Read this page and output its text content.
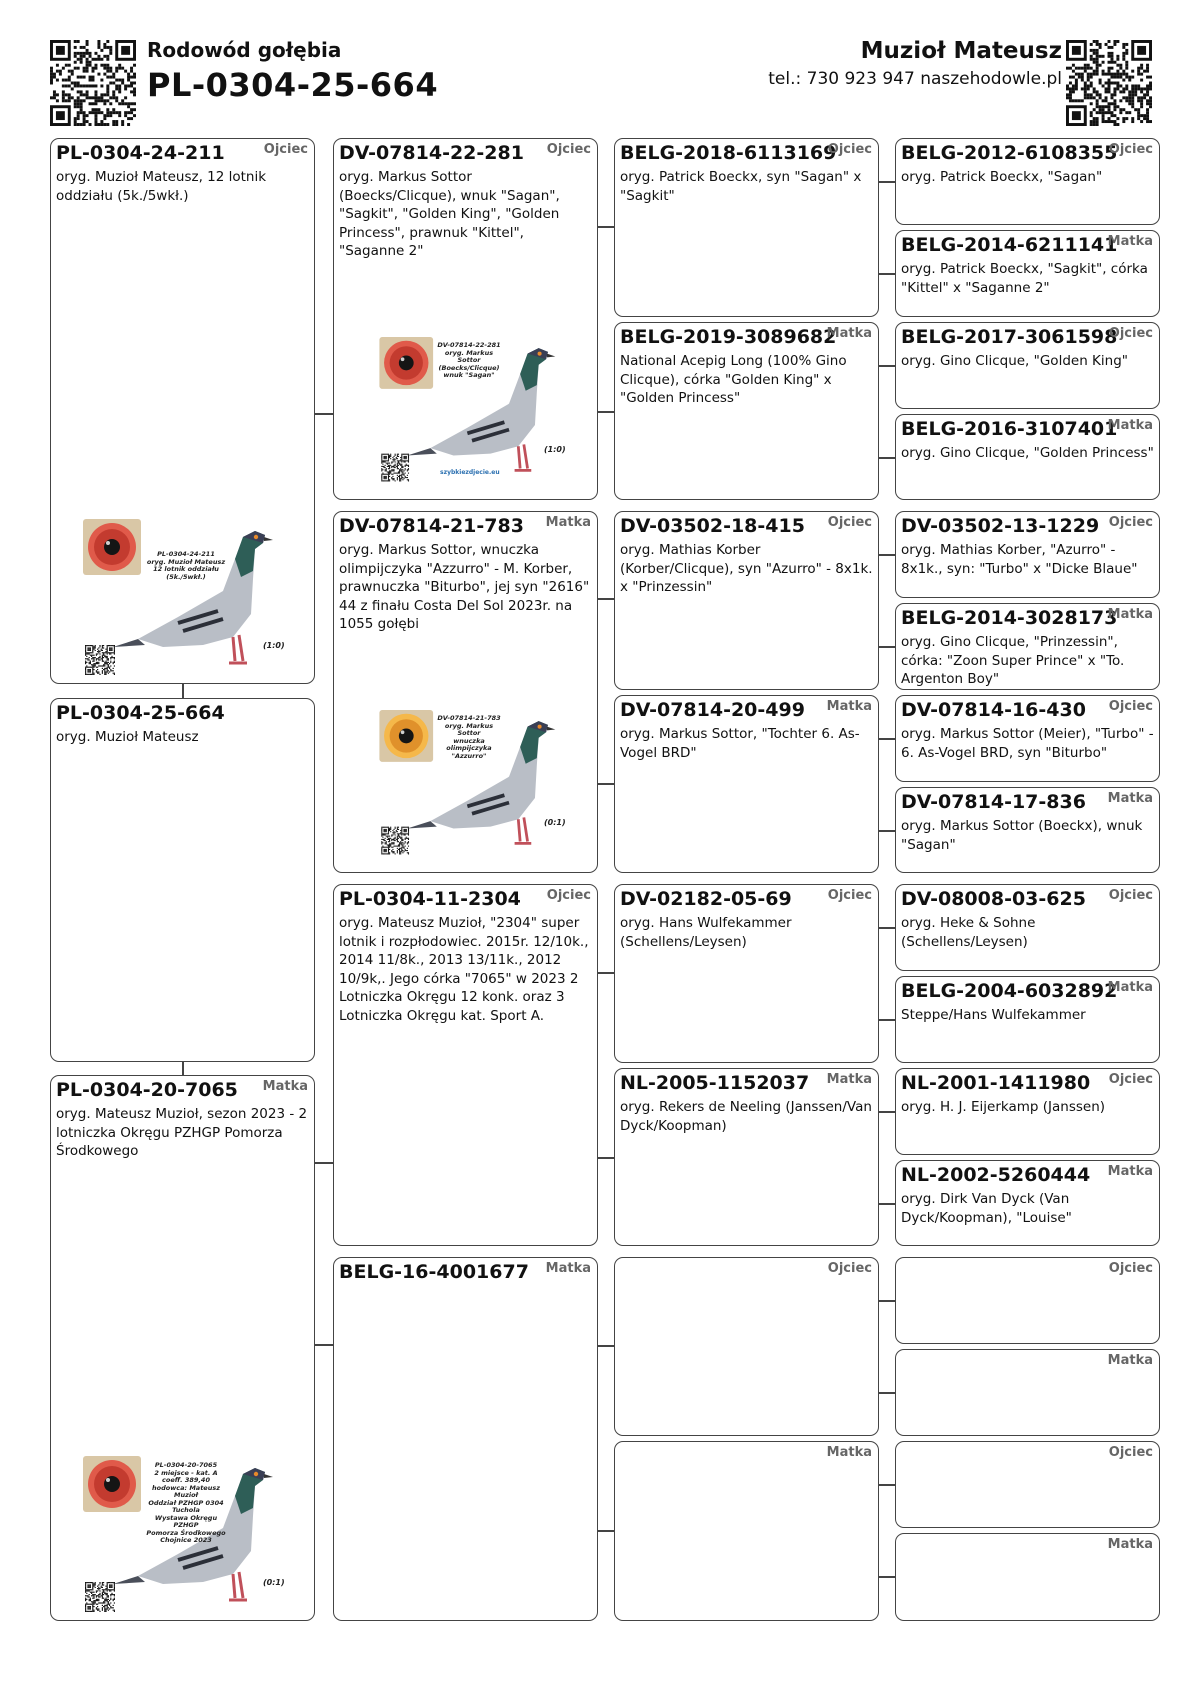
Rodowód gołębia
PL-0304-25-664
Muzioł Mateusz
tel.: 730 923 947 naszehodowle.pl
PL-0304-24-211	Ojciec
oryg. Muzioł Mateusz, 12 lotnik oddziału (5k./5wkł.)
PL-0304-24-211
oryg. Muzioł Mateusz
12 lotnik oddziału (5k./5wkł.)
(1:0)
PL-0304-25-664
oryg. Muzioł Mateusz
PL-0304-20-7065 Matka
oryg. Mateusz Muzioł, sezon 2023 - 2 lotniczka Okręgu PZHGP Pomorza Środkowego
PL-0304-20-7065
2 miejsce - kat. A
coeff. 389,40
hodowca: Mateusz Muzioł
Oddział PZHGP 0304 Tuchola
Wystawa Okręgu PZHGP
Pomorza Środkowego
Chojnice 2023
(0:1)
DV-07814-22-281 Ojciec
oryg. Markus Sottor (Boecks/Clicque), wnuk "Sagan", "Sagkit", "Golden King", "Golden Princess", prawnuk "Kittel", "Saganne 2"
DV-07814-22-281
oryg. Markus Sottor
(Boecks/Clicque)
wnuk "Sagan"
(1:0)
szybkiezdjecie.eu
DV-07814-21-783 Matka
oryg. Markus Sottor, wnuczka olimpijczyka "Azzurro" - M. Korber, prawnuczka "Biturbo", jej syn "2616" 44 z finału Costa Del Sol 2023r. na 1055 gołębi
DV-07814-21-783
oryg. Markus Sottor
wnuczka olimpijczyka
"Azzurro"
(0:1)
PL-0304-11-2304 Ojciec
oryg. Mateusz Muzioł, "2304" super lotnik i rozpłodowiec. 2015r. 12/10k., 2014 11/8k., 2013 13/11k., 2012 10/9k,. Jego córka "7065" w 2023 2 Lotniczka Okręgu 12 konk. oraz 3 Lotniczka Okręgu kat. Sport A.
BELG-16-4001677 Matka
BELG-2018-6113169
Ojciec
oryg. Patrick Boeckx, syn "Sagan" x "Sagkit"
BELG-2019-3089682
Matka
National Acepig Long (100% Gino Clicque), córka "Golden King" x "Golden Princess"
DV-03502-18-415 Ojciec
oryg. Mathias Korber (Korber/Clicque), syn "Azurro" - 8x1k. x "Prinzessin"
DV-07814-20-499 Matka
oryg. Markus Sottor, "Tochter 6. As-Vogel BRD"
DV-02182-05-69	Ojciec
oryg. Hans Wulfekammer (Schellens/Leysen)
NL-2005-1152037 Matka
oryg. Rekers de Neeling (Janssen/Van Dyck/Koopman)
Ojciec
Matka
BELG-2012-6108355
Ojciec
oryg. Patrick Boeckx, "Sagan"
BELG-2014-6211141
Matka
oryg. Patrick Boeckx, "Sagkit", córka "Kittel" x "Saganne 2"
BELG-2017-3061598
Ojciec
oryg. Gino Clicque, "Golden King"
BELG-2016-3107401
Matka
oryg. Gino Clicque, "Golden Princess"
DV-03502-13-1229 Ojciec
oryg. Mathias Korber, "Azurro" - 8x1k., syn: "Turbo" x "Dicke Blaue"
BELG-2014-3028173
Matka
oryg. Gino Clicque, "Prinzessin", córka: "Zoon Super Prince" x "To. Argenton Boy"
DV-07814-16-430 Ojciec
oryg. Markus Sottor (Meier), "Turbo" - 6. As-Vogel BRD, syn "Biturbo"
DV-07814-17-836 Matka
oryg. Markus Sottor (Boeckx), wnuk "Sagan"
DV-08008-03-625 Ojciec
oryg. Heke & Sohne (Schellens/Leysen)
BELG-2004-6032892
Matka
Steppe/Hans Wulfekammer
NL-2001-1411980 Ojciec
oryg. H. J. Eijerkamp (Janssen)
NL-2002-5260444 Matka
oryg. Dirk Van Dyck (Van Dyck/Koopman), "Louise"
Ojciec
Matka
Ojciec
Matka
